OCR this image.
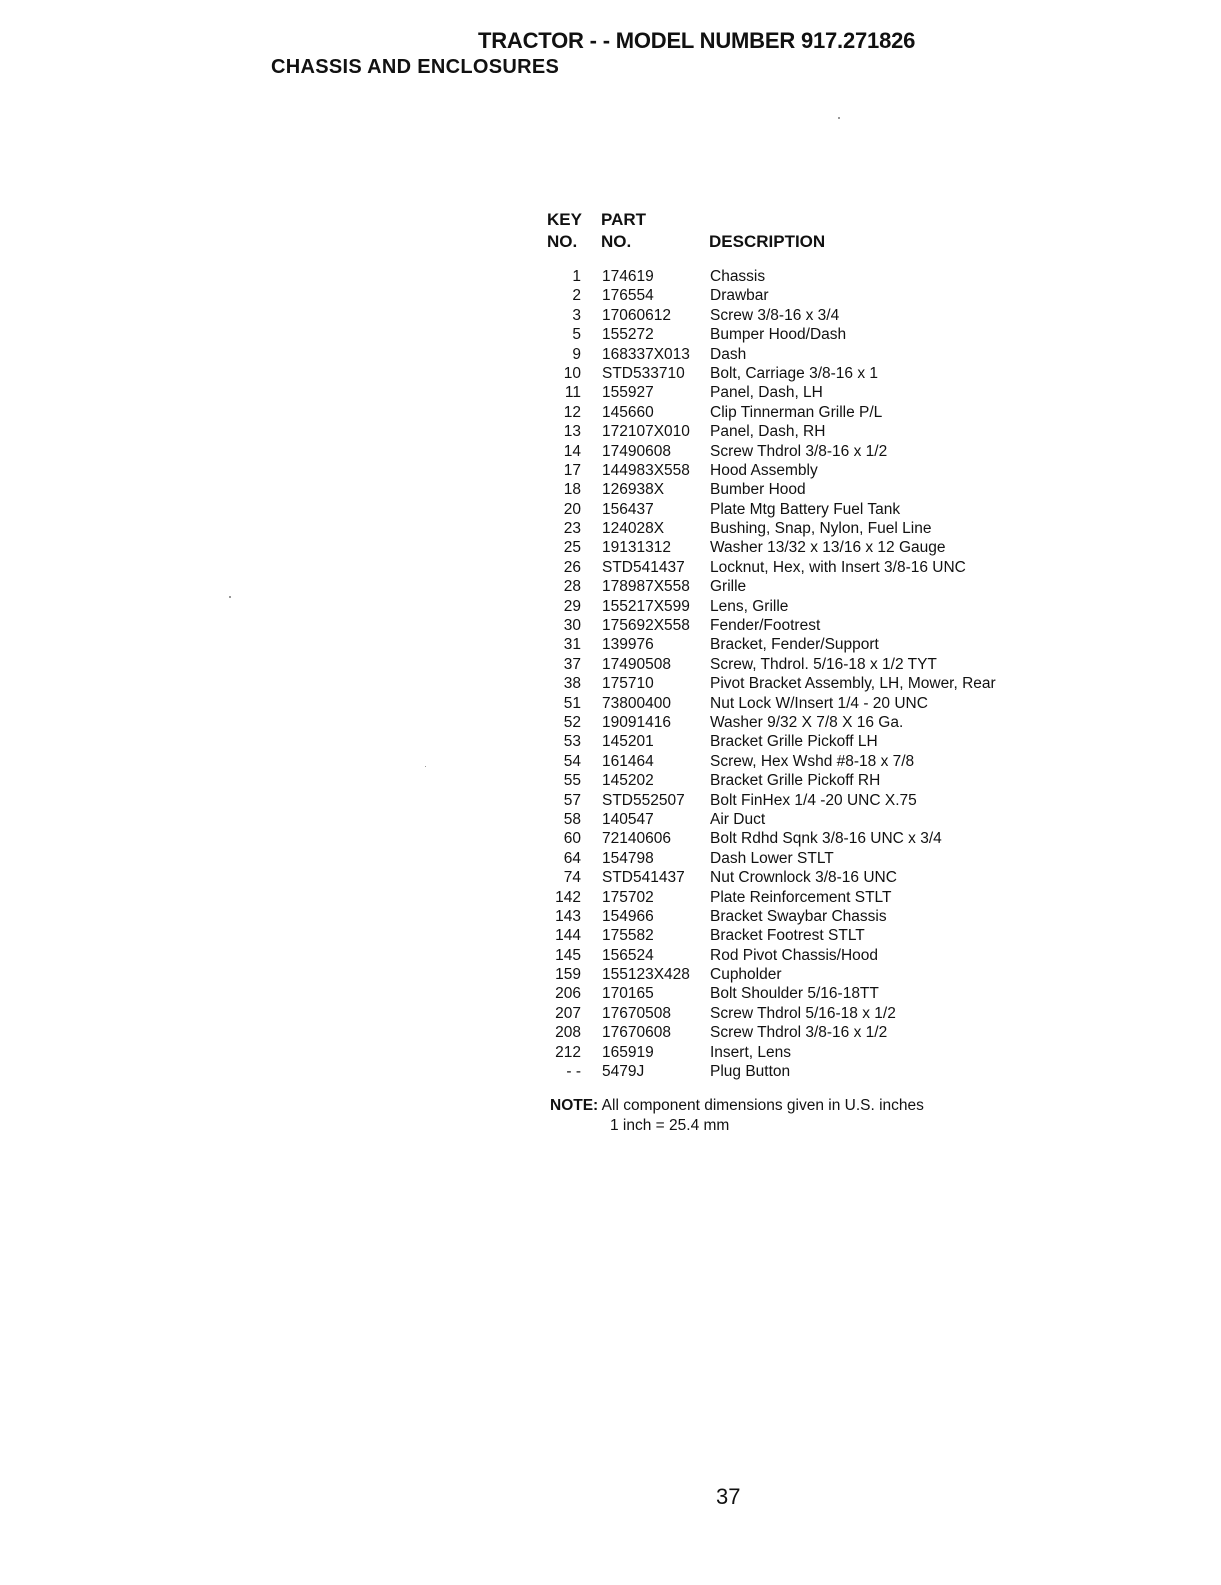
TRACTOR - - MODEL NUMBER 917.271826
CHASSIS AND ENCLOSURES
KEY
NO.
PART
NO.	DESCRIPTION
1 174619	Chassis
2 176554	Drawbar
3 17060612	Screw 3/8-16 x 3/4
5 155272	Bumper Hood/Dash
9 168337X013 Dash
10 STD533710 Bolt, Carriage 3/8-16 x 1
11 155927	Panel, Dash, LH
12 145660	Clip Tinnerman Grille P/L
13 172107X010 Panel, Dash, RH
14 17490608	Screw Thdrol 3/8-16 x 1/2
17 144983X558 Hood Assembly
18 126938X	Bumber Hood
20 156437	Plate Mtg Battery Fuel Tank
23 124028X	Bushing, Snap, Nylon, Fuel Line
25 19131312	Washer 13/32 x 13/16 x 12 Gauge
26 STD541437 Locknut, Hex, with Insert 3/8-16 UNC
28 178987X558 Grille
29 155217X599 Lens, Grille
30 175692X558 Fender/Footrest
31 139976	Bracket, Fender/Support
37 17490508	Screw, Thdrol. 5/16-18 x 1/2 TYT
38 175710	Pivot Bracket Assembly, LH, Mower, Rear
51 73800400	Nut Lock W/Insert 1/4 - 20 UNC
52 19091416	Washer 9/32 X 7/8 X 16 Ga.
53 145201	Bracket Grille Pickoff LH
54 161464	Screw, Hex Wshd #8-18 x 7/8
55 145202	Bracket Grille Pickoff RH
57 STD552507 Bolt FinHex 1/4 -20 UNC X.75
58 140547	Air Duct
60 72140606	Bolt Rdhd Sqnk 3/8-16 UNC x 3/4
64 154798	Dash Lower STLT
74 STD541437 Nut Crownlock 3/8-16 UNC
142 175702	Plate Reinforcement STLT
143 154966	Bracket Swaybar Chassis
144 175582	Bracket Footrest STLT
145 156524	Rod Pivot Chassis/Hood
159 155123X428 Cupholder
206 170165	Bolt Shoulder 5/16-18TT
207 17670508	Screw Thdrol 5/16-18 x 1/2
208 17670608	Screw Thdrol 3/8-16 x 1/2
212 165919	Insert, Lens
- - 5479J	Plug Button
NOTE: All component dimensions given in U.S. inches
1 inch = 25.4 mm
37
